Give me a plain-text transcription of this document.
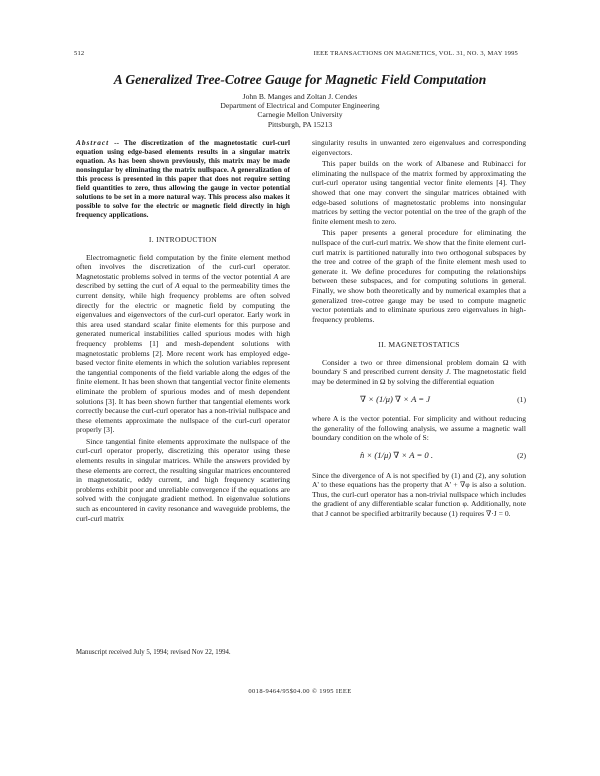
512	IEEE TRANSACTIONS ON MAGNETICS, VOL. 31, NO. 3, MAY 1995
A Generalized Tree-Cotree Gauge for Magnetic Field Computation
John B. Manges and Zoltan J. Cendes
Department of Electrical and Computer Engineering
Carnegie Mellon University
Pittsburgh, PA 15213
Abstract -- The discretization of the magnetostatic curl-curl equation using edge-based elements results in a singular matrix equation. As has been shown previously, this matrix may be made nonsingular by eliminating the matrix nullspace. A generalization of this process is presented in this paper that does not require setting field quantities to zero, thus allowing the gauge in vector potential solutions to be set in a more natural way. This process also makes it possible to solve for the electric or magnetic field directly in high frequency applications.
I. INTRODUCTION

Electromagnetic field computation by the finite element method often involves the discretization of the curl-curl operator. Magnetostatic problems solved in terms of the vector potential A are described by setting the curl of A equal to the permeability times the current density, while high frequency problems are often solved directly for the electric or magnetic field by computing the eigenvalues and eigenvectors of the curl-curl operator. Early work in this area used standard scalar finite elements for this purpose and generated numerical instabilities called spurious modes with high frequency problems [1] and mesh-dependent solutions with magnetostatic problems [2]. More recent work has employed edge-based vector finite elements in which the solution variables represent the tangential components of the field variable along the edges of the finite element. It has been shown that tangential vector finite elements eliminate the problem of spurious modes and of mesh dependent solutions [3]. It has been shown further that tangential elements work correctly because the curl-curl operator has a non-trivial nullspace and these elements approximate the nullspace of the curl-curl operator properly [3].

Since tangential finite elements approximate the nullspace of the curl-curl operator properly, discretizing this operator using these elements results in singular matrices. While the answers provided by these elements are correct, the resulting singular matrices encountered in magnetostatic, eddy current, and high frequency scattering problems exhibit poor and unreliable convergence if the equations are solved with the conjugate gradient method. In eigenvalue solutions such as encountered in cavity resonance and waveguide problems, the curl-curl matrix

singularity results in unwanted zero eigenvalues and corresponding eigenvectors.

This paper builds on the work of Albanese and Rubinacci for eliminating the nullspace of the matrix formed by approximating the curl-curl operator using tangential vector finite elements [4]. They showed that one may convert the singular matrices obtained with edge-based solutions of magnetostatic problems into nonsingular matrices by setting the vector potential on the tree of the graph of the finite element mesh to zero.

This paper presents a general procedure for eliminating the nullspace of the curl-curl matrix. We show that the finite element curl-curl matrix is partitioned naturally into two orthogonal subspaces by the tree and cotree of the graph of the finite element mesh used to generate it. We define procedures for computing the relationships between these subspaces, and for computing solutions in general. Finally, we show both theoretically and by numerical examples that a generalized tree-cotree gauge may be used to compute magnetic vector potentials and to eliminate spurious zero eigenvalues in high-frequency problems.

II. MAGNETOSTATICS

Consider a two or three dimensional problem domain Ω with boundary S and prescribed current density J. The magnetostatic field may be determined in Ω by solving the differential equation

∇ × (1/μ) ∇ × A = J	(1)

where A is the vector potential. For simplicity and without reducing the generality of the following analysis, we assume a magnetic wall boundary condition on the whole of S:

n̂ × (1/μ) ∇ × A = 0 .	(2)

Since the divergence of A is not specified by (1) and (2), any solution A' to these equations has the property that A' + ∇φ is also a solution. Thus, the curl-curl operator has a non-trivial nullspace which includes the gradient of any differentiable scalar function φ. Additionally, note that J cannot be specified arbitrarily because (1) requires ∇·J = 0.

Manuscript received July 5, 1994; revised Nov 22, 1994.
0018-9464/95$04.00 © 1995 IEEE
